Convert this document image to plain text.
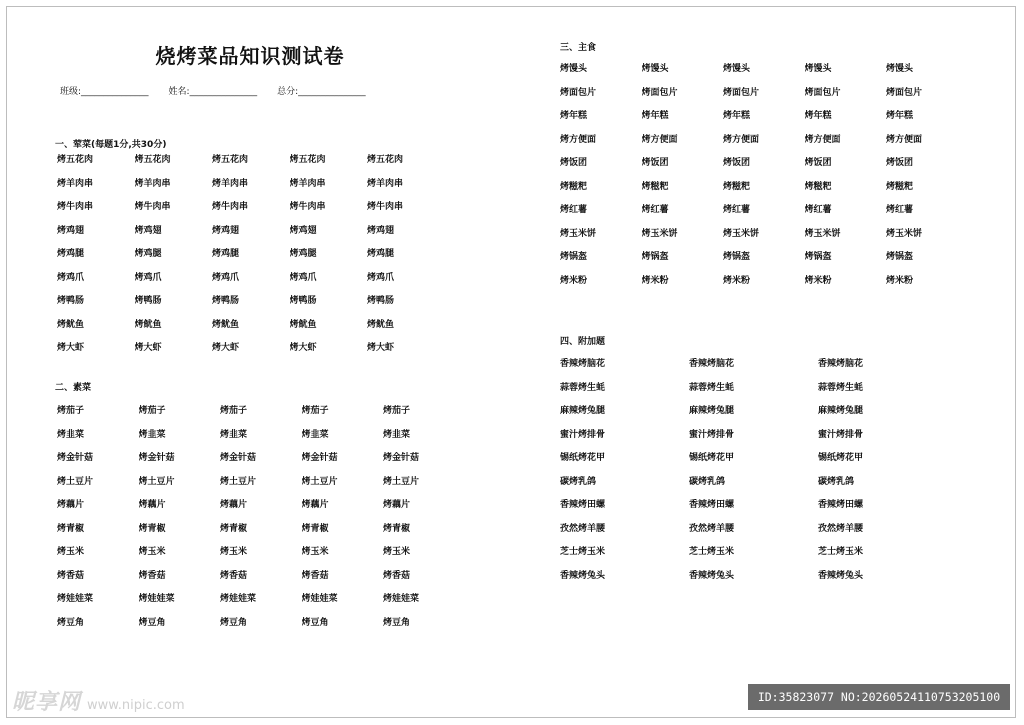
烧烤菜品知识测试卷
班级:_______________ 姓名:_______________ 总分:_______________
一、荤菜(每题1分,共30分)
烤五花肉	烤五花肉	烤五花肉	烤五花肉	烤五花肉
烤羊肉串	烤羊肉串	烤羊肉串	烤羊肉串	烤羊肉串
烤牛肉串	烤牛肉串	烤牛肉串	烤牛肉串	烤牛肉串
烤鸡翅	烤鸡翅	烤鸡翅	烤鸡翅	烤鸡翅
烤鸡腿	烤鸡腿	烤鸡腿	烤鸡腿	烤鸡腿
烤鸡爪	烤鸡爪	烤鸡爪	烤鸡爪	烤鸡爪
烤鸭肠	烤鸭肠	烤鸭肠	烤鸭肠	烤鸭肠
烤鱿鱼	烤鱿鱼	烤鱿鱼	烤鱿鱼	烤鱿鱼
烤大虾	烤大虾	烤大虾	烤大虾	烤大虾
二、素菜
烤茄子	烤茄子	烤茄子	烤茄子	烤茄子
烤韭菜	烤韭菜	烤韭菜	烤韭菜	烤韭菜
烤金针菇	烤金针菇	烤金针菇	烤金针菇	烤金针菇
烤土豆片	烤土豆片	烤土豆片	烤土豆片	烤土豆片
烤藕片	烤藕片	烤藕片	烤藕片	烤藕片
烤青椒	烤青椒	烤青椒	烤青椒	烤青椒
烤玉米	烤玉米	烤玉米	烤玉米	烤玉米
烤香菇	烤香菇	烤香菇	烤香菇	烤香菇
烤娃娃菜	烤娃娃菜	烤娃娃菜	烤娃娃菜	烤娃娃菜
烤豆角	烤豆角	烤豆角	烤豆角	烤豆角
三、主食
烤馒头	烤馒头	烤馒头	烤馒头	烤馒头
烤面包片	烤面包片	烤面包片	烤面包片	烤面包片
烤年糕	烤年糕	烤年糕	烤年糕	烤年糕
烤方便面	烤方便面	烤方便面	烤方便面	烤方便面
烤饭团	烤饭团	烤饭团	烤饭团	烤饭团
烤糍粑	烤糍粑	烤糍粑	烤糍粑	烤糍粑
烤红薯	烤红薯	烤红薯	烤红薯	烤红薯
烤玉米饼	烤玉米饼	烤玉米饼	烤玉米饼	烤玉米饼
烤锅盔	烤锅盔	烤锅盔	烤锅盔	烤锅盔
烤米粉	烤米粉	烤米粉	烤米粉	烤米粉
四、附加题
香辣烤脑花	香辣烤脑花	香辣烤脑花
蒜蓉烤生蚝	蒜蓉烤生蚝	蒜蓉烤生蚝
麻辣烤兔腿	麻辣烤兔腿	麻辣烤兔腿
蜜汁烤排骨	蜜汁烤排骨	蜜汁烤排骨
锡纸烤花甲	锡纸烤花甲	锡纸烤花甲
碳烤乳鸽	碳烤乳鸽	碳烤乳鸽
香辣烤田螺	香辣烤田螺	香辣烤田螺
孜然烤羊腰	孜然烤羊腰	孜然烤羊腰
芝士烤玉米	芝士烤玉米	芝士烤玉米
香辣烤兔头	香辣烤兔头	香辣烤兔头
昵享网 www.nipic.com
ID:35823077 NO:20260524110753205100
